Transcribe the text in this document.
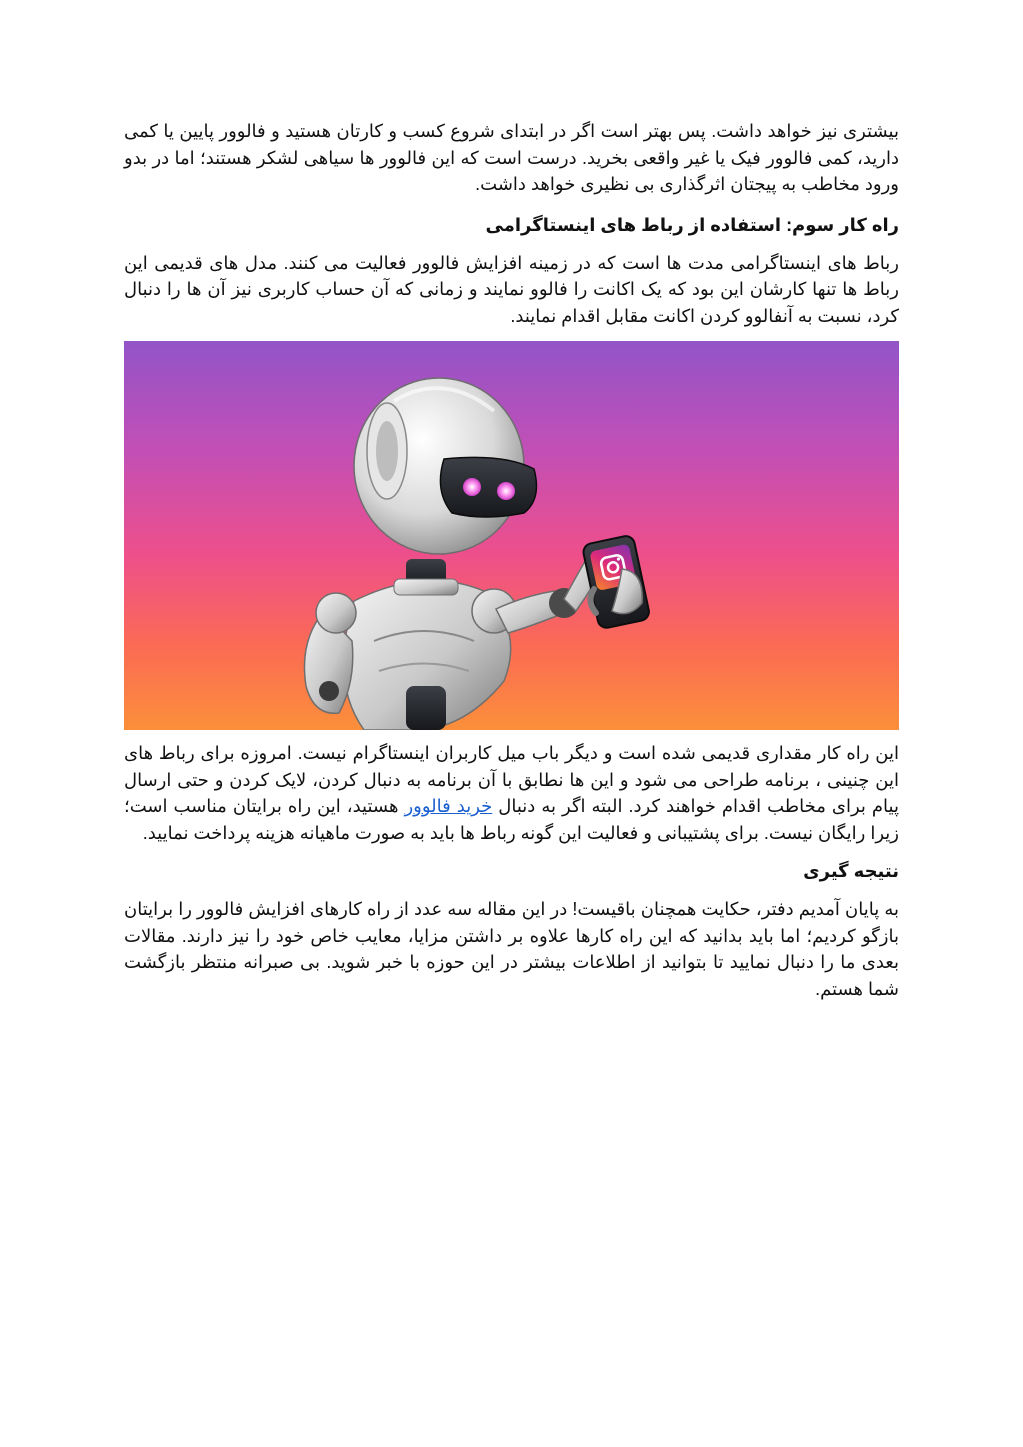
بیشتری نیز خواهد داشت. پس بهتر است اگر در ابتدای شروع کسب و کارتان هستید و فالوور پایین یا کمی دارید، کمی فالوور فیک یا غیر واقعی بخرید. درست است که این فالوور ها سیاهی لشکر هستند؛ اما در بدو ورود مخاطب به پیجتان اثرگذاری بی نظیری خواهد داشت.

راه کار سوم: استفاده از رباط های اینستاگرامی

رباط های اینستاگرامی مدت ها است که در زمینه افزایش فالوور فعالیت می کنند. مدل های قدیمی این رباط ها تنها کارشان این بود که یک اکانت را فالوو نمایند و زمانی که آن حساب کاربری نیز آن ها را دنبال کرد، نسبت به آنفالوو کردن اکانت مقابل اقدام نمایند.

این راه کار مقداری قدیمی شده است و دیگر باب میل کاربران اینستاگرام نیست. امروزه برای رباط های این چنینی ، برنامه طراحی می شود و این ها نطابق با آن برنامه به دنبال کردن، لایک کردن و حتی ارسال پیام برای مخاطب اقدام خواهند کرد. البته اگر به دنبال خرید فالوور هستید، این راه برایتان مناسب است؛ زیرا رایگان نیست. برای پشتیبانی و فعالیت این گونه رباط ها باید به صورت ماهیانه هزینه پرداخت نمایید.

نتیجه گیری

به پایان آمدیم دفتر، حکایت همچنان باقیست! در این مقاله سه عدد از راه کارهای افزایش فالوور را برایتان بازگو کردیم؛ اما باید بدانید که این راه کارها علاوه بر داشتن مزایا، معایب خاص خود را نیز دارند. مقالات بعدی ما را دنبال نمایید تا بتوانید از اطلاعات بیشتر در این حوزه با خبر شوید. بی صبرانه منتظر بازگشت شما هستم.
